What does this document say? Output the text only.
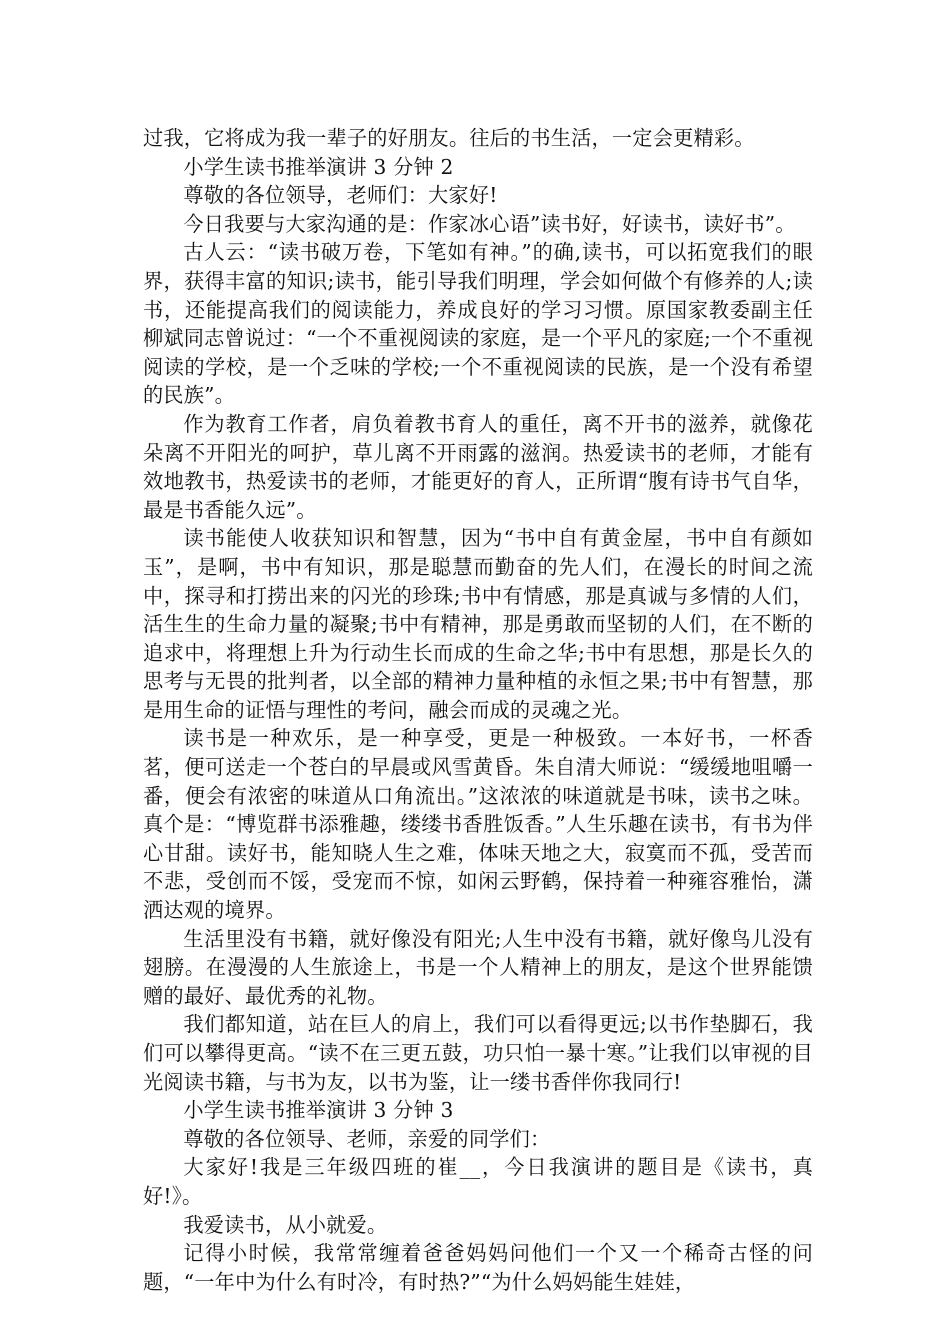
过我，它将成为我一辈子的好朋友。往后的书生活，一定会更精彩。

小学生读书推举演讲 3 分钟 2

尊敬的各位领导，老师们：大家好!

今日我要与大家沟通的是：作家冰心语”读书好，好读书，读好书”。

古人云：“读书破万卷，下笔如有神。”的确,读书，可以拓宽我们的眼界，获得丰富的知识;读书，能引导我们明理，学会如何做个有修养的人;读书，还能提高我们的阅读能力，养成良好的学习习惯。原国家教委副主任柳斌同志曾说过：“一个不重视阅读的家庭，是一个平凡的家庭;一个不重视阅读的学校，是一个乏味的学校;一个不重视阅读的民族，是一个没有希望的民族”。

作为教育工作者，肩负着教书育人的重任，离不开书的滋养，就像花朵离不开阳光的呵护，草儿离不开雨露的滋润。热爱读书的老师，才能有效地教书，热爱读书的老师，才能更好的育人，正所谓“腹有诗书气自华，最是书香能久远”。

读书能使人收获知识和智慧，因为“书中自有黄金屋，书中自有颜如玉”，是啊，书中有知识，那是聪慧而勤奋的先人们，在漫长的时间之流中，探寻和打捞出来的闪光的珍珠;书中有情感，那是真诚与多情的人们，活生生的生命力量的凝聚;书中有精神，那是勇敢而坚韧的人们，在不断的追求中，将理想上升为行动生长而成的生命之华;书中有思想，那是长久的思考与无畏的批判者，以全部的精神力量种植的永恒之果;书中有智慧，那是用生命的证悟与理性的考问，融会而成的灵魂之光。

读书是一种欢乐，是一种享受，更是一种极致。一本好书，一杯香茗，便可送走一个苍白的早晨或风雪黄昏。朱自清大师说：“缓缓地咀嚼一番，便会有浓密的味道从口角流出。”这浓浓的味道就是书味，读书之味。真个是：“博览群书添雅趣，缕缕书香胜饭香。”人生乐趣在读书，有书为伴心甘甜。读好书，能知晓人生之难，体味天地之大，寂寞而不孤，受苦而不悲，受创而不馁，受宠而不惊，如闲云野鹤，保持着一种雍容雅怡，潇洒达观的境界。

生活里没有书籍，就好像没有阳光;人生中没有书籍，就好像鸟儿没有翅膀。在漫漫的人生旅途上，书是一个人精神上的朋友，是这个世界能馈赠的最好、最优秀的礼物。

我们都知道，站在巨人的肩上，我们可以看得更远;以书作垫脚石，我们可以攀得更高。“读不在三更五鼓，功只怕一暴十寒。”让我们以审视的目光阅读书籍，与书为友，以书为鉴，让一缕书香伴你我同行!

小学生读书推举演讲 3 分钟 3

尊敬的各位领导、老师，亲爱的同学们：

大家好!我是三年级四班的崔__，今日我演讲的题目是《读书，真好!》。

我爱读书，从小就爱。

记得小时候，我常常缠着爸爸妈妈问他们一个又一个稀奇古怪的问题，“一年中为什么有时冷，有时热?”“为什么妈妈能生娃娃，
